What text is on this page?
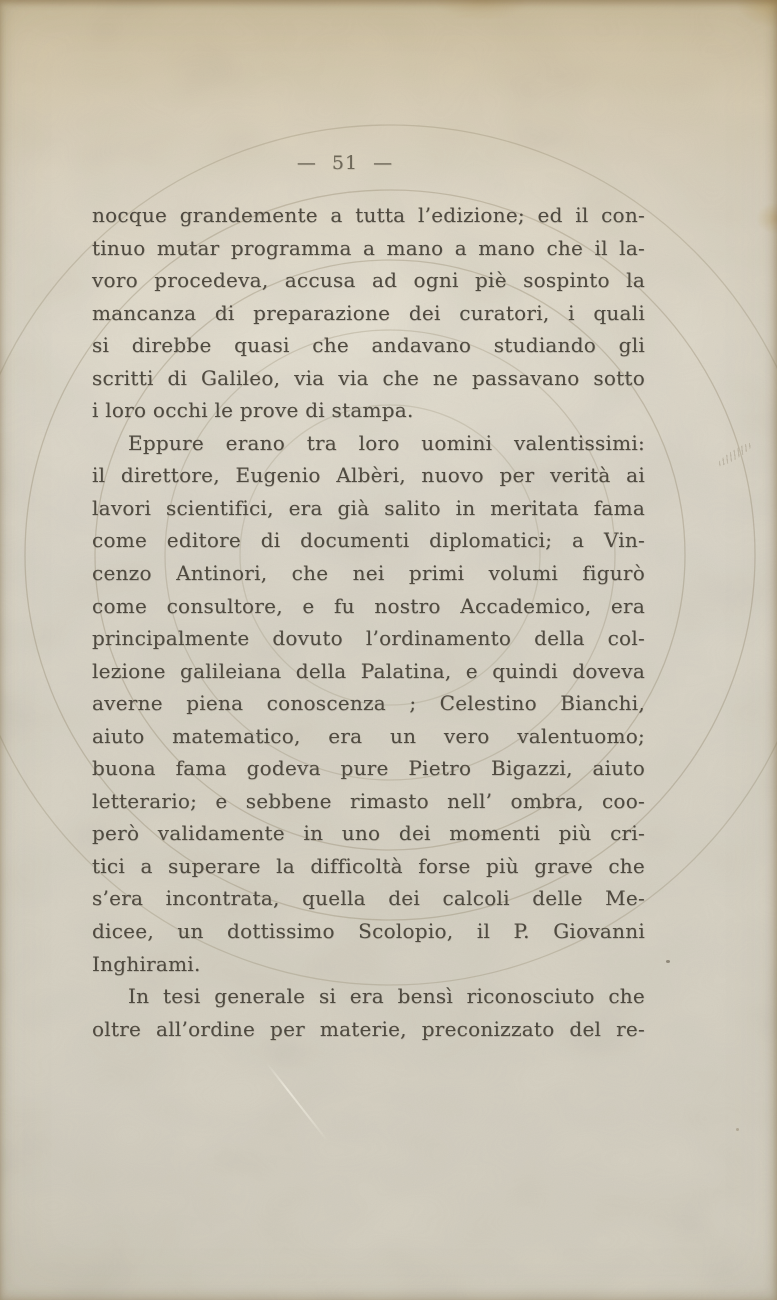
— 51 —
nocque grandemente a tutta l’edizione; ed il con-
tinuo mutar programma a mano a mano che il la-
voro procedeva, accusa ad ogni piè sospinto la
mancanza di preparazione dei curatori, i quali
si direbbe quasi che andavano studiando gli
scritti di Galileo, via via che ne passavano sotto
i loro occhi le prove di stampa.
Eppure erano tra loro uomini valentissimi:
il direttore, Eugenio Albèri, nuovo per verità ai
lavori scientifici, era già salito in meritata fama
come editore di documenti diplomatici; a Vin-
cenzo Antinori, che nei primi volumi figurò
come consultore, e fu nostro Accademico, era
principalmente dovuto l’ordinamento della col-
lezione galileiana della Palatina, e quindi doveva
averne piena conoscenza ; Celestino Bianchi,
aiuto matematico, era un vero valentuomo;
buona fama godeva pure Pietro Bigazzi, aiuto
letterario; e sebbene rimasto nell’ ombra, coo-
però validamente in uno dei momenti più cri-
tici a superare la difficoltà forse più grave che
s’era incontrata, quella dei calcoli delle Me-
dicee, un dottissimo Scolopio, il P. Giovanni
Inghirami.
In tesi generale si era bensì riconosciuto che
oltre all’ordine per materie, preconizzato del re-
